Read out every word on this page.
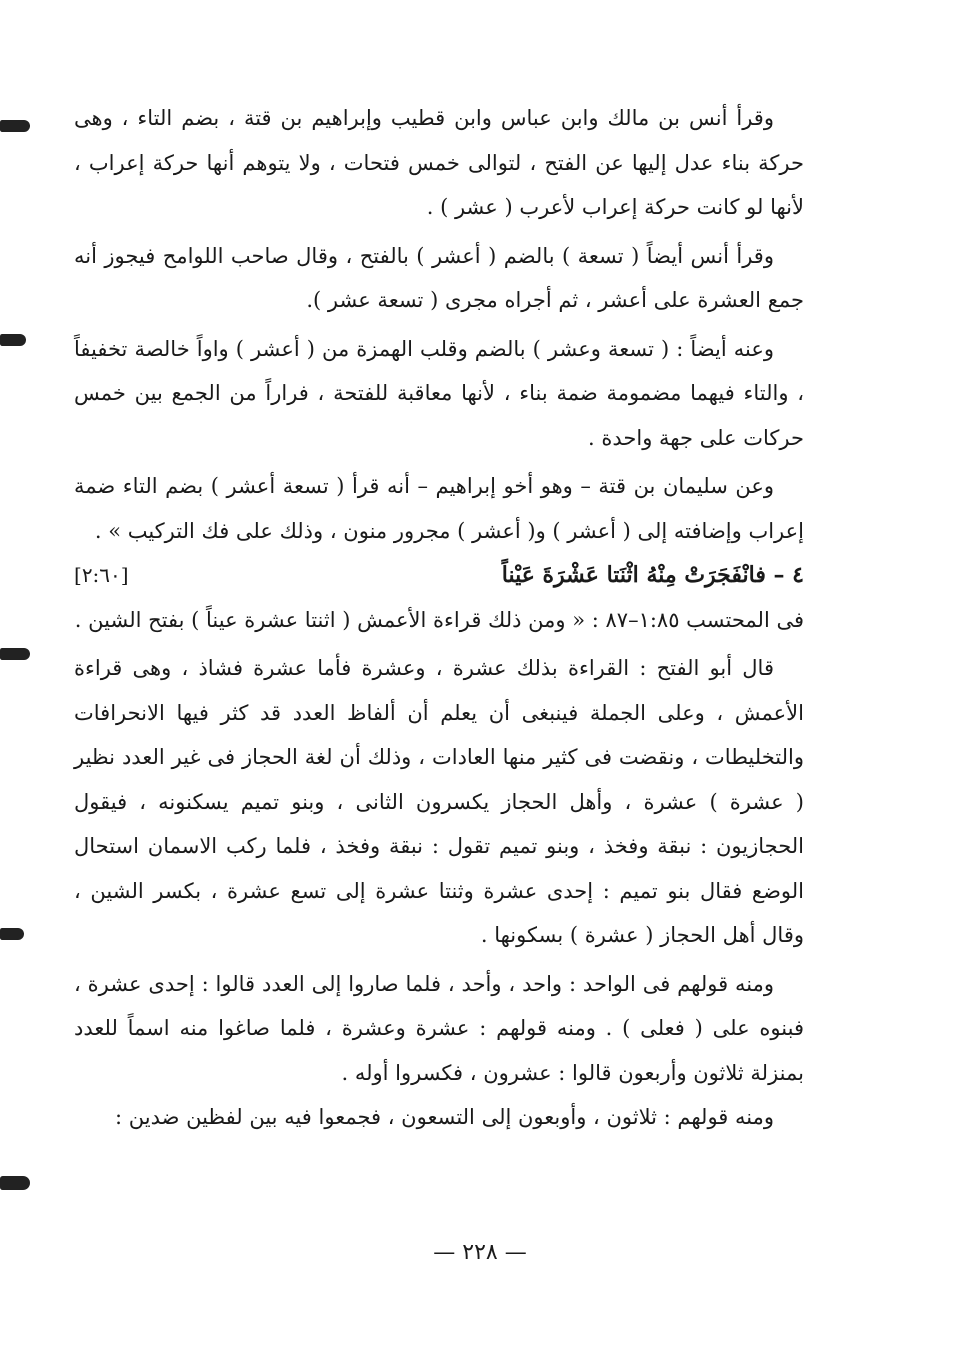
وقرأ أنس بن مالك وابن عباس وابن قطيب وإبراهيم بن قتة ، بضم التاء ، وهى حركة بناء عدل إليها عن الفتح ، لتوالى خمس فتحات ، ولا يتوهم أنها حركة إعراب ، لأنها لو كانت حركة إعراب لأعرب ( عشر ) .

وقرأ أنس أيضاً ( تسعة ) بالضم ( أعشر ) بالفتح ، وقال صاحب اللوامح فيجوز أنه جمع العشرة على أعشر ، ثم أجراه مجرى ( تسعة عشر ).

وعنه أيضاً : ( تسعة وعشر ) بالضم وقلب الهمزة من ( أعشر ) واواً خالصة تخفيفاً ، والتاء فيهما مضمومة ضمة بناء ، لأنها معاقبة للفتحة ، فراراً من الجمع بين خمس حركات على جهة واحدة .

وعن سليمان بن قتة – وهو أخو إبراهيم – أنه قرأ ( تسعة أعشر ) بضم التاء ضمة إعراب وإضافته إلى ( أعشر ) و( أعشر ) مجرور منون ، وذلك على فك التركيب » .

٤ – فانْفَجَرَتْ مِنْهُ اثْنَتا عَشْرَةَ عَيْناً
[٢:٦٠]

فى المحتسب ١:٨٥–٨٧ : « ومن ذلك قراءة الأعمش ( اثنتا عشرة عيناً ) بفتح الشين .

قال أبو الفتح : القراءة بذلك عشرة ، وعشرة فأما عشرة فشاذ ، وهى قراءة الأعمش ، وعلى الجملة فينبغى أن يعلم أن ألفاظ العدد قد كثر فيها الانحرافات والتخليطات ، ونقضت فى كثير منها العادات ، وذلك أن لغة الحجاز فى غير العدد نظير ( عشرة ) عشرة ، وأهل الحجاز يكسرون الثانى ، وبنو تميم يسكنونه ، فيقول الحجازيون : نبقة وفخذ ، وبنو تميم تقول : نبقة وفخذ ، فلما ركب الاسمان استحال الوضع فقال بنو تميم : إحدى عشرة وثنتا عشرة إلى تسع عشرة ، بكسر الشين ، وقال أهل الحجاز ( عشرة ) بسكونها .

ومنه قولهم فى الواحد : واحد ، وأحد ، فلما صاروا إلى العدد قالوا : إحدى عشرة ، فبنوه على ( فعلى ) . ومنه قولهم : عشرة وعشرة ، فلما صاغوا منه اسماً للعدد بمنزلة ثلاثون وأربعون قالوا : عشرون ، فكسروا أوله .

ومنه قولهم : ثلاثون ، وأوبعون إلى التسعون ، فجمعوا فيه بين لفظين ضدين :

— ٢٢٨ —
